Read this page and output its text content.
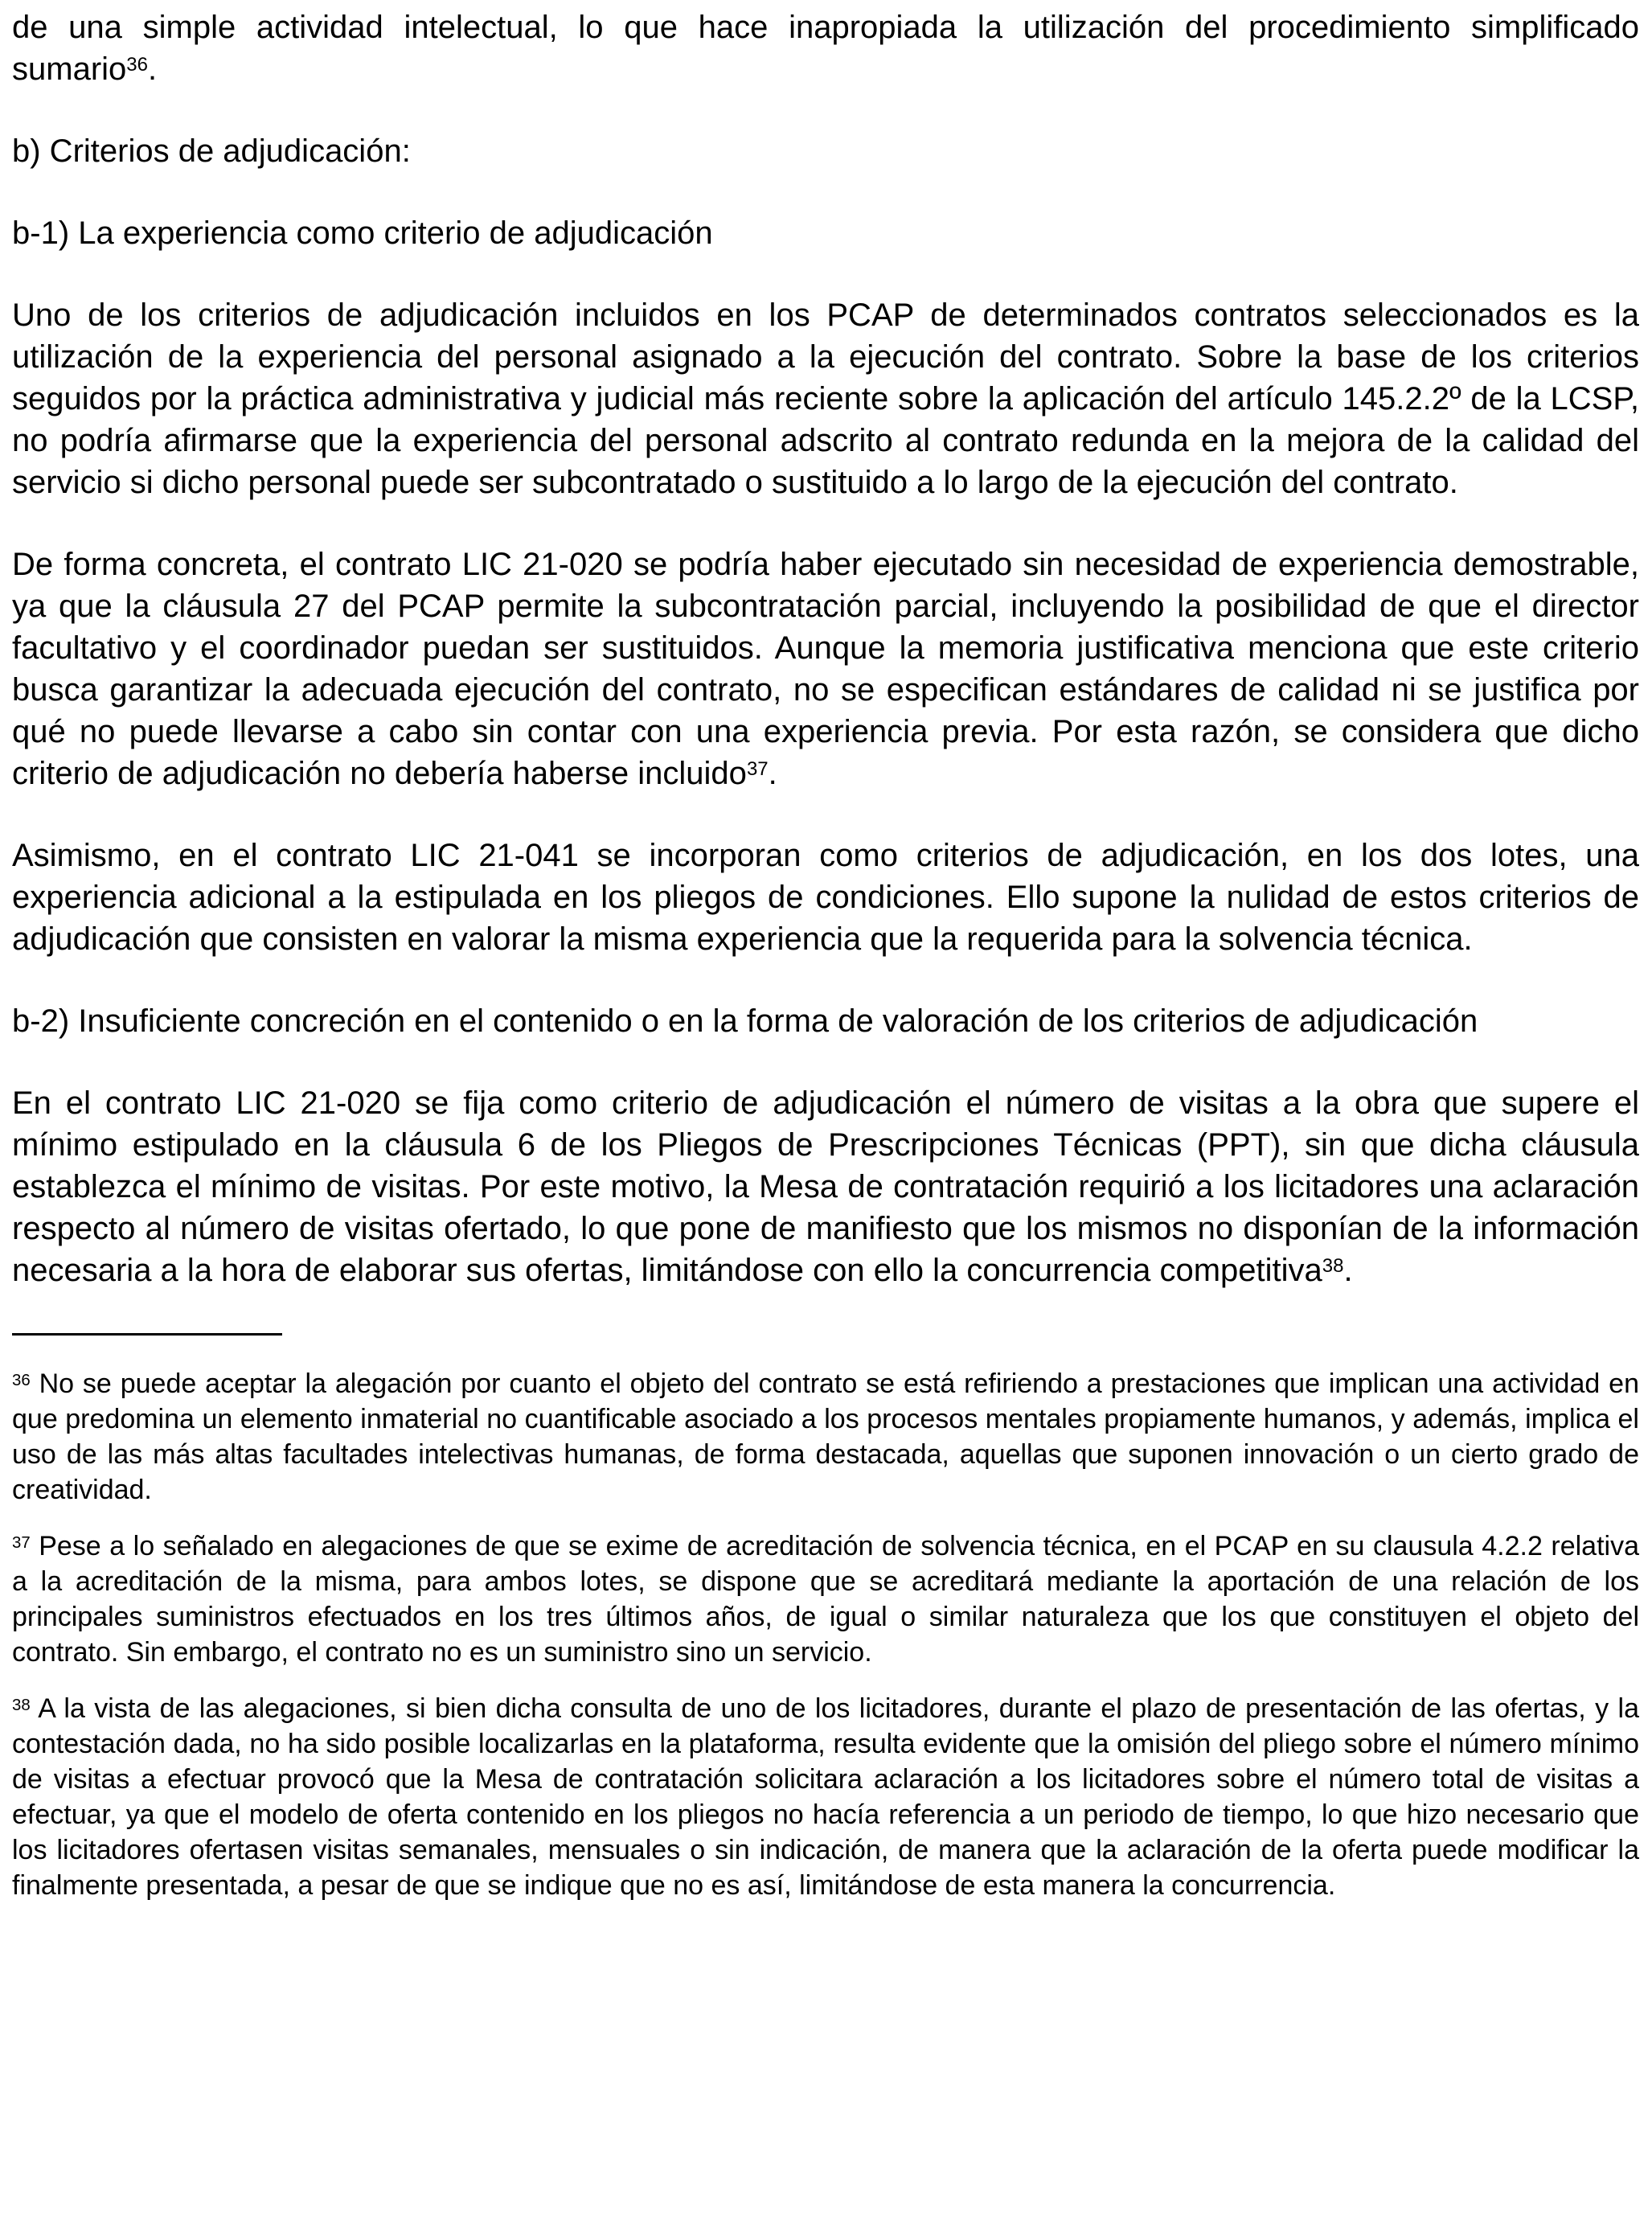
de una simple actividad intelectual, lo que hace inapropiada la utilización del procedimiento simplificado sumario$^{36}$.

b) Criterios de adjudicación:

b-1) La experiencia como criterio de adjudicación

Uno de los criterios de adjudicación incluidos en los PCAP de determinados contratos seleccionados es la utilización de la experiencia del personal asignado a la ejecución del contrato. Sobre la base de los criterios seguidos por la práctica administrativa y judicial más reciente sobre la aplicación del artículo 145.2.2º de la LCSP, no podría afirmarse que la experiencia del personal adscrito al contrato redunda en la mejora de la calidad del servicio si dicho personal puede ser subcontratado o sustituido a lo largo de la ejecución del contrato.

De forma concreta, el contrato LIC 21-020 se podría haber ejecutado sin necesidad de experiencia demostrable, ya que la cláusula 27 del PCAP permite la subcontratación parcial, incluyendo la posibilidad de que el director facultativo y el coordinador puedan ser sustituidos. Aunque la memoria justificativa menciona que este criterio busca garantizar la adecuada ejecución del contrato, no se especifican estándares de calidad ni se justifica por qué no puede llevarse a cabo sin contar con una experiencia previa. Por esta razón, se considera que dicho criterio de adjudicación no debería haberse incluido$^{37}$.

Asimismo, en el contrato LIC 21-041 se incorporan como criterios de adjudicación, en los dos lotes, una experiencia adicional a la estipulada en los pliegos de condiciones. Ello supone la nulidad de estos criterios de adjudicación que consisten en valorar la misma experiencia que la requerida para la solvencia técnica.

b-2) Insuficiente concreción en el contenido o en la forma de valoración de los criterios de adjudicación

En el contrato LIC 21-020 se fija como criterio de adjudicación el número de visitas a la obra que supere el mínimo estipulado en la cláusula 6 de los Pliegos de Prescripciones Técnicas (PPT), sin que dicha cláusula establezca el mínimo de visitas. Por este motivo, la Mesa de contratación requirió a los licitadores una aclaración respecto al número de visitas ofertado, lo que pone de manifiesto que los mismos no disponían de la información necesaria a la hora de elaborar sus ofertas, limitándose con ello la concurrencia competitiva$^{38}$.

$^{36}$ No se puede aceptar la alegación por cuanto el objeto del contrato se está refiriendo a prestaciones que implican una actividad en que predomina un elemento inmaterial no cuantificable asociado a los procesos mentales propiamente humanos, y además, implica el uso de las más altas facultades intelectivas humanas, de forma destacada, aquellas que suponen innovación o un cierto grado de creatividad.

$^{37}$ Pese a lo señalado en alegaciones de que se exime de acreditación de solvencia técnica, en el PCAP en su clausula 4.2.2 relativa a la acreditación de la misma, para ambos lotes, se dispone que se acreditará mediante la aportación de una relación de los principales suministros efectuados en los tres últimos años, de igual o similar naturaleza que los que constituyen el objeto del contrato. Sin embargo, el contrato no es un suministro sino un servicio.

$^{38}$ A la vista de las alegaciones, si bien dicha consulta de uno de los licitadores, durante el plazo de presentación de las ofertas, y la contestación dada, no ha sido posible localizarlas en la plataforma, resulta evidente que la omisión del pliego sobre el número mínimo de visitas a efectuar provocó que la Mesa de contratación solicitara aclaración a los licitadores sobre el número total de visitas a efectuar, ya que el modelo de oferta contenido en los pliegos no hacía referencia a un periodo de tiempo, lo que hizo necesario que los licitadores ofertasen visitas semanales, mensuales o sin indicación, de manera que la aclaración de la oferta puede modificar la finalmente presentada, a pesar de que se indique que no es así, limitándose de esta manera la concurrencia.
